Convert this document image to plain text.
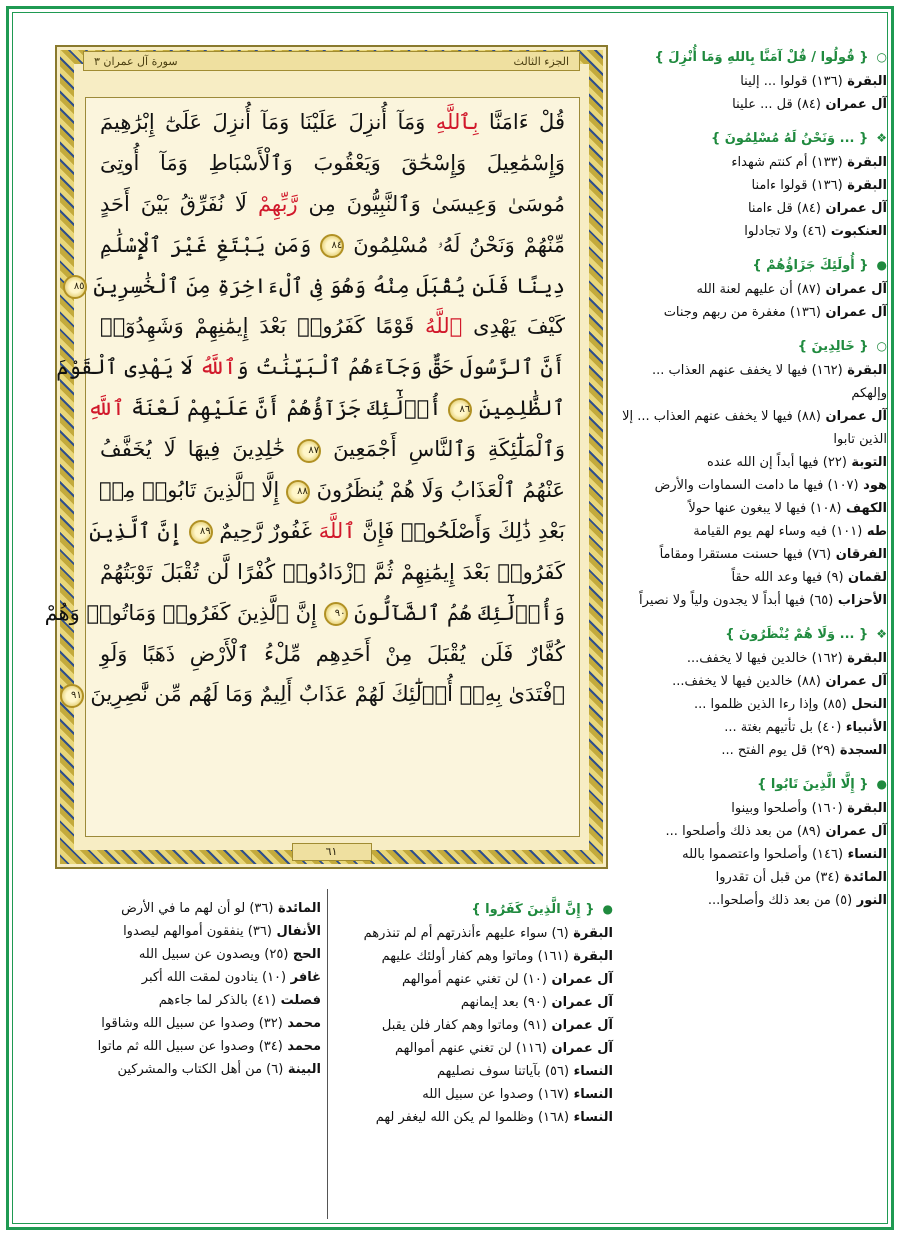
الجزء الثالث
سورة آل عمران ٣
قُلْ ءَامَنَّا بِٱللَّهِ وَمَآ أُنزِلَ عَلَيْنَا وَمَآ أُنزِلَ عَلَىٰٓ إِبْرَٰهِيمَ
وَإِسْمَٰعِيلَ وَإِسْحَٰقَ وَيَعْقُوبَ وَٱلْأَسْبَاطِ وَمَآ أُوتِىَ
مُوسَىٰ وَعِيسَىٰ وَٱلنَّبِيُّونَ مِن رَّبِّهِمْ لَا نُفَرِّقُ بَيْنَ أَحَدٍ
مِّنْهُمْ وَنَحْنُ لَهُۥ مُسْلِمُونَ ٨٤ وَمَن يَبْتَغِ غَيْرَ ٱلْإِسْلَٰمِ
دِينًا فَلَن يُقْبَلَ مِنْهُ وَهُوَ فِى ٱلْءَاخِرَةِ مِنَ ٱلْخَٰسِرِينَ ٨٥
كَيْفَ يَهْدِى ٱللَّهُ قَوْمًا كَفَرُوا۟ بَعْدَ إِيمَٰنِهِمْ وَشَهِدُوٓا۟
أَنَّ ٱلرَّسُولَ حَقٌّ وَجَآءَهُمُ ٱلْبَيِّنَٰتُ وَٱللَّهُ لَا يَهْدِى ٱلْقَوْمَ
ٱلظَّٰلِمِينَ ٨٦ أُو۟لَٰٓئِكَ جَزَآؤُهُمْ أَنَّ عَلَيْهِمْ لَعْنَةَ ٱللَّهِ
وَٱلْمَلَٰٓئِكَةِ وَٱلنَّاسِ أَجْمَعِينَ ٨٧ خَٰلِدِينَ فِيهَا لَا يُخَفَّفُ
عَنْهُمُ ٱلْعَذَابُ وَلَا هُمْ يُنظَرُونَ ٨٨ إِلَّا ٱلَّذِينَ تَابُوا۟ مِنۢ
بَعْدِ ذَٰلِكَ وَأَصْلَحُوا۟ فَإِنَّ ٱللَّهَ غَفُورٌ رَّحِيمٌ ٨٩ إِنَّ ٱلَّذِينَ
كَفَرُوا۟ بَعْدَ إِيمَٰنِهِمْ ثُمَّ ٱزْدَادُوا۟ كُفْرًا لَّن تُقْبَلَ تَوْبَتُهُمْ
وَأُو۟لَٰٓئِكَ هُمُ ٱلضَّآلُّونَ ٩٠ إِنَّ ٱلَّذِينَ كَفَرُوا۟ وَمَاتُوا۟ وَهُمْ
كُفَّارٌ فَلَن يُقْبَلَ مِنْ أَحَدِهِم مِّلْءُ ٱلْأَرْضِ ذَهَبًا وَلَوِ
ٱفْتَدَىٰ بِهِۦٓ أُو۟لَٰٓئِكَ لَهُمْ عَذَابٌ أَلِيمٌ وَمَا لَهُم مِّن نَّٰصِرِينَ ٩١
٦١
○{ قُولُوا / قُلْ آمَنَّا بِاللهِ وَمَا أُنْزِلَ }
البقرة (١٣٦) قولوا ... إلينا
آل عمران (٨٤) قل ... علينا
❖{ ... وَنَحْنُ لَهُ مُسْلِمُونَ }
البقرة (١٣٣) أم كنتم شهداء
البقرة (١٣٦) قولوا ءامنا
آل عمران (٨٤) قل ءامنا
العنكبوت (٤٦) ولا تجادلوا
●{ أُولَئِكَ جَزَاؤُهُمْ }
آل عمران (٨٧) أن عليهم لعنة الله
آل عمران (١٣٦) مغفرة من ربهم وجنات
○{ خَالِدِينَ }
البقرة (١٦٢) فيها لا يخفف عنهم العذاب ... وإلهكم
آل عمران (٨٨) فيها لا يخفف عنهم العذاب ... إلا الذين تابوا
التوبة (٢٢) فيها أبداً إن الله عنده
هود (١٠٧) فيها ما دامت السماوات والأرض
الكهف (١٠٨) فيها لا يبغون عنها حولاً
طه (١٠١) فيه وساء لهم يوم القيامة
الفرقان (٧٦) فيها حسنت مستقرا ومقاماً
لقمان (٩) فيها وعد الله حقاً
الأحزاب (٦٥) فيها أبداً لا يجدون ولياً ولا نصيراً
❖{ ... وَلَا هُمْ يُنْظَرُونَ }
البقرة (١٦٢) خالدين فيها لا يخفف...
آل عمران (٨٨) خالدين فيها لا يخفف...
النحل (٨٥) وإذا رءا الذين ظلموا ...
الأنبياء (٤٠) بل تأتيهم بغتة ...
السجدة (٢٩) قل يوم الفتح ...
●{ إِلَّا الَّذِينَ تَابُوا }
البقرة (١٦٠) وأصلحوا وبينوا
آل عمران (٨٩) من بعد ذلك وأصلحوا ...
النساء (١٤٦) وأصلحوا واعتصموا بالله
المائدة (٣٤) من قبل أن تقدروا
النور (٥) من بعد ذلك وأصلحوا...
●{ إِنَّ الَّذِينَ كَفَرُوا }
البقرة (٦) سواء عليهم ءأنذرتهم أم لم تنذرهم
البقرة (١٦١) وماتوا وهم كفار أولئك عليهم
آل عمران (١٠) لن تغني عنهم أموالهم
آل عمران (٩٠) بعد إيمانهم
آل عمران (٩١) وماتوا وهم كفار فلن يقبل
آل عمران (١١٦) لن تغني عنهم أموالهم
النساء (٥٦) بآياتنا سوف نصليهم
النساء (١٦٧) وصدوا عن سبيل الله
النساء (١٦٨) وظلموا لم يكن الله ليغفر لهم
المائدة (٣٦) لو أن لهم ما في الأرض
الأنفال (٣٦) ينفقون أموالهم ليصدوا
الحج (٢٥) ويصدون عن سبيل الله
غافر (١٠) ينادون لمقت الله أكبر
فصلت (٤١) بالذكر لما جاءهم
محمد (٣٢) وصدوا عن سبيل الله وشاقوا
محمد (٣٤) وصدوا عن سبيل الله ثم ماتوا
البينة (٦) من أهل الكتاب والمشركين
